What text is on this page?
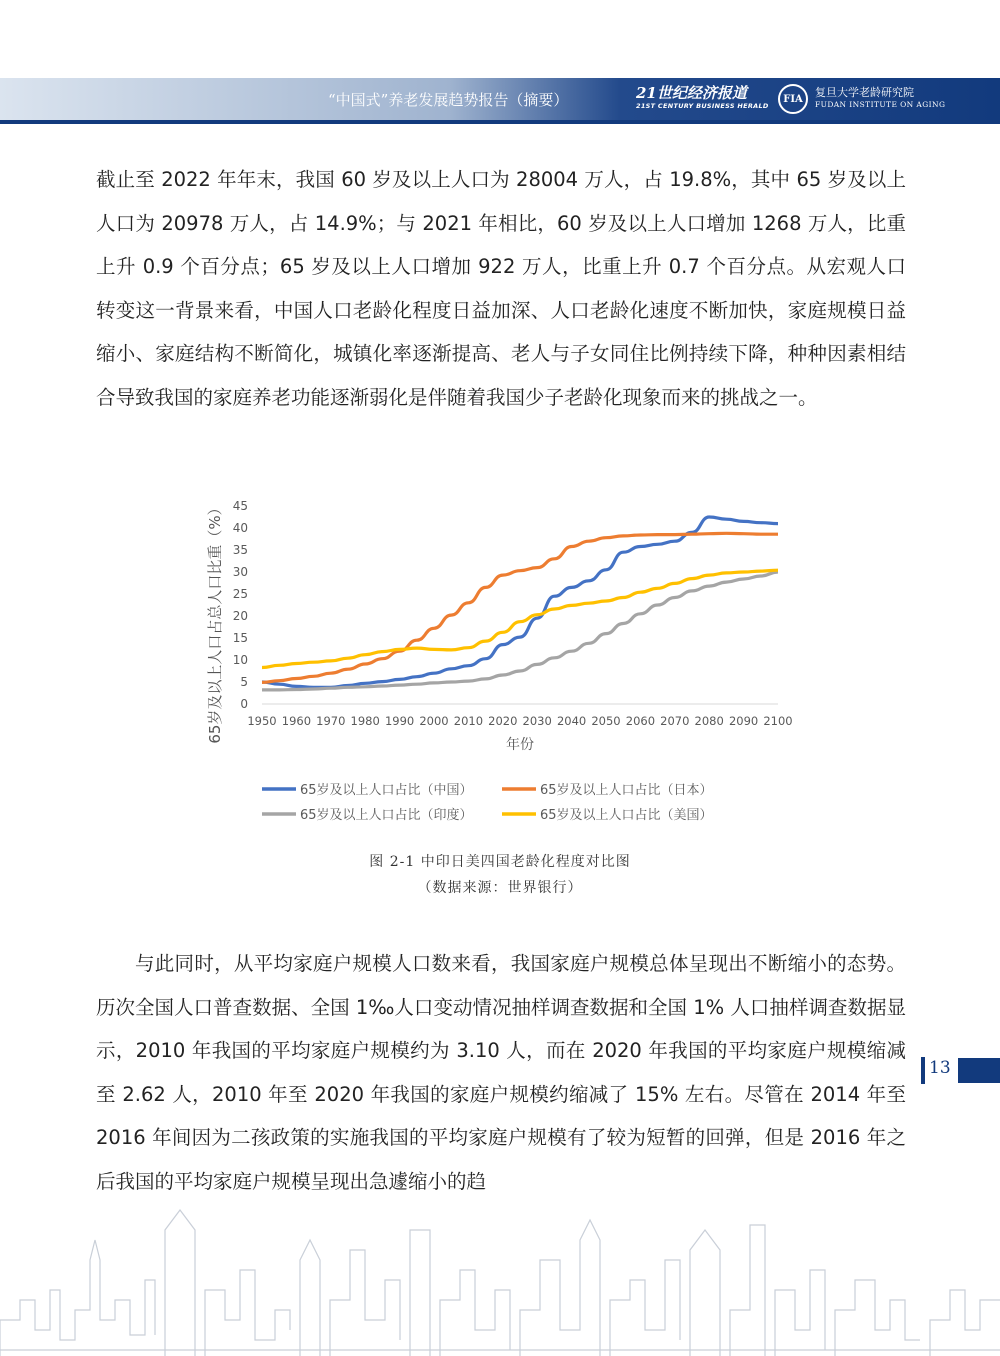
“中国式”养老发展趋势报告（摘要）	21世纪经济报道
21ST CENTURY BUSINESS HERALD
FIA	复旦大学老龄研究院
FUDAN INSTITUTE ON AGING
截止至 2022 年年末，我国 60 岁及以上人口为 28004 万人，占 19.8%，其中 65 岁及以上人口为 20978 万人，占 14.9%；与 2021 年相比，60 岁及以上人口增加 1268 万人，比重上升 0.9 个百分点；65 岁及以上人口增加 922 万人，比重上升 0.7 个百分点。从宏观人口转变这一背景来看，中国人口老龄化程度日益加深、人口老龄化速度不断加快，家庭规模日益缩小、家庭结构不断简化，城镇化率逐渐提高、老人与子女同住比例持续下降，种种因素相结合导致我国的家庭养老功能逐渐弱化是伴随着我国少子老龄化现象而来的挑战之一。
0
5
10
15
20
25
30
35
40
45
1950 1960 1970 1980 1990 2000 2010 2020 2030 2040 2050 2060 2070 2080 2090 2100
年份
65岁及以上人口占总人口比重（%）
65岁及以上人口占比（中国）	65岁及以上人口占比（日本）
65岁及以上人口占比（印度）	65岁及以上人口占比（美国）
图 2-1 中印日美四国老龄化程度对比图
（数据来源：世界银行）
与此同时，从平均家庭户规模人口数来看，我国家庭户规模总体呈现出不断缩小的态势。历次全国人口普查数据、全国 1‰人口变动情况抽样调查数据和全国 1% 人口抽样调查数据显示，2010 年我国的平均家庭户规模约为 3.10 人，而在 2020 年我国的平均家庭户规模缩减至 2.62 人，2010 年至 2020 年我国的家庭户规模约缩减了 15% 左右。尽管在 2014 年至 2016 年间因为二孩政策的实施我国的平均家庭户规模有了较为短暂的回弹，但是 2016 年之后我国的平均家庭户规模呈现出急遽缩小的趋
13
